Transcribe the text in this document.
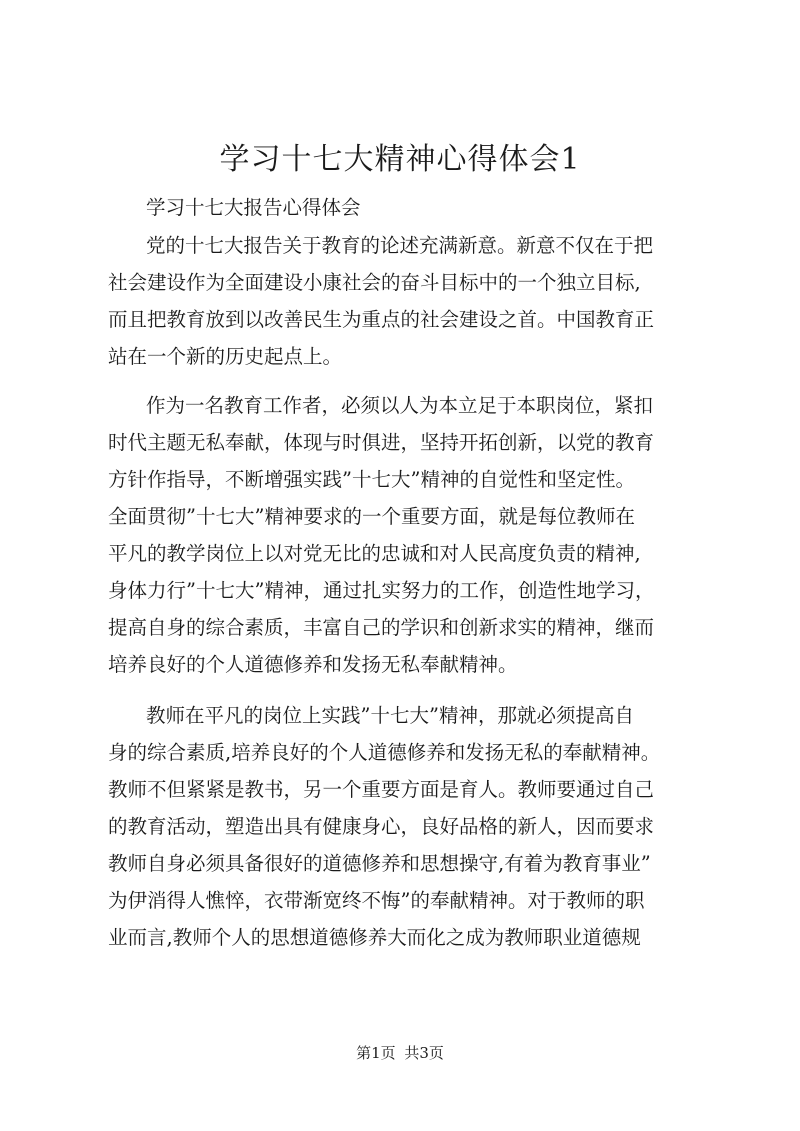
学习十七大精神心得体会1

学习十七大报告心得体会

党的十七大报告关于教育的论述充满新意。新意不仅在于把

社会建设作为全面建设小康社会的奋斗目标中的一个独立目标,

而且把教育放到以改善民生为重点的社会建设之首。中国教育正

站在一个新的历史起点上。

作为一名教育工作者，必须以人为本立足于本职岗位，紧扣

时代主题无私奉献，体现与时俱进，坚持开拓创新，以党的教育

方针作指导，不断增强实践”十七大”精神的自觉性和坚定性。

全面贯彻”十七大”精神要求的一个重要方面，就是每位教师在

平凡的教学岗位上以对党无比的忠诚和对人民高度负责的精神,

身体力行”十七大”精神，通过扎实努力的工作，创造性地学习，

提高自身的综合素质，丰富自己的学识和创新求实的精神，继而

培养良好的个人道德修养和发扬无私奉献精神。

教师在平凡的岗位上实践”十七大”精神，那就必须提高自

身的综合素质,培养良好的个人道德修养和发扬无私的奉献精神。

教师不但紧紧是教书，另一个重要方面是育人。教师要通过自己

的教育活动，塑造出具有健康身心，良好品格的新人，因而要求

教师自身必须具备很好的道德修养和思想操守,有着为教育事业”

为伊消得人憔悴，衣带渐宽终不悔”的奉献精神。对于教师的职

业而言,教师个人的思想道德修养大而化之成为教师职业道德规

第1页 共3页
